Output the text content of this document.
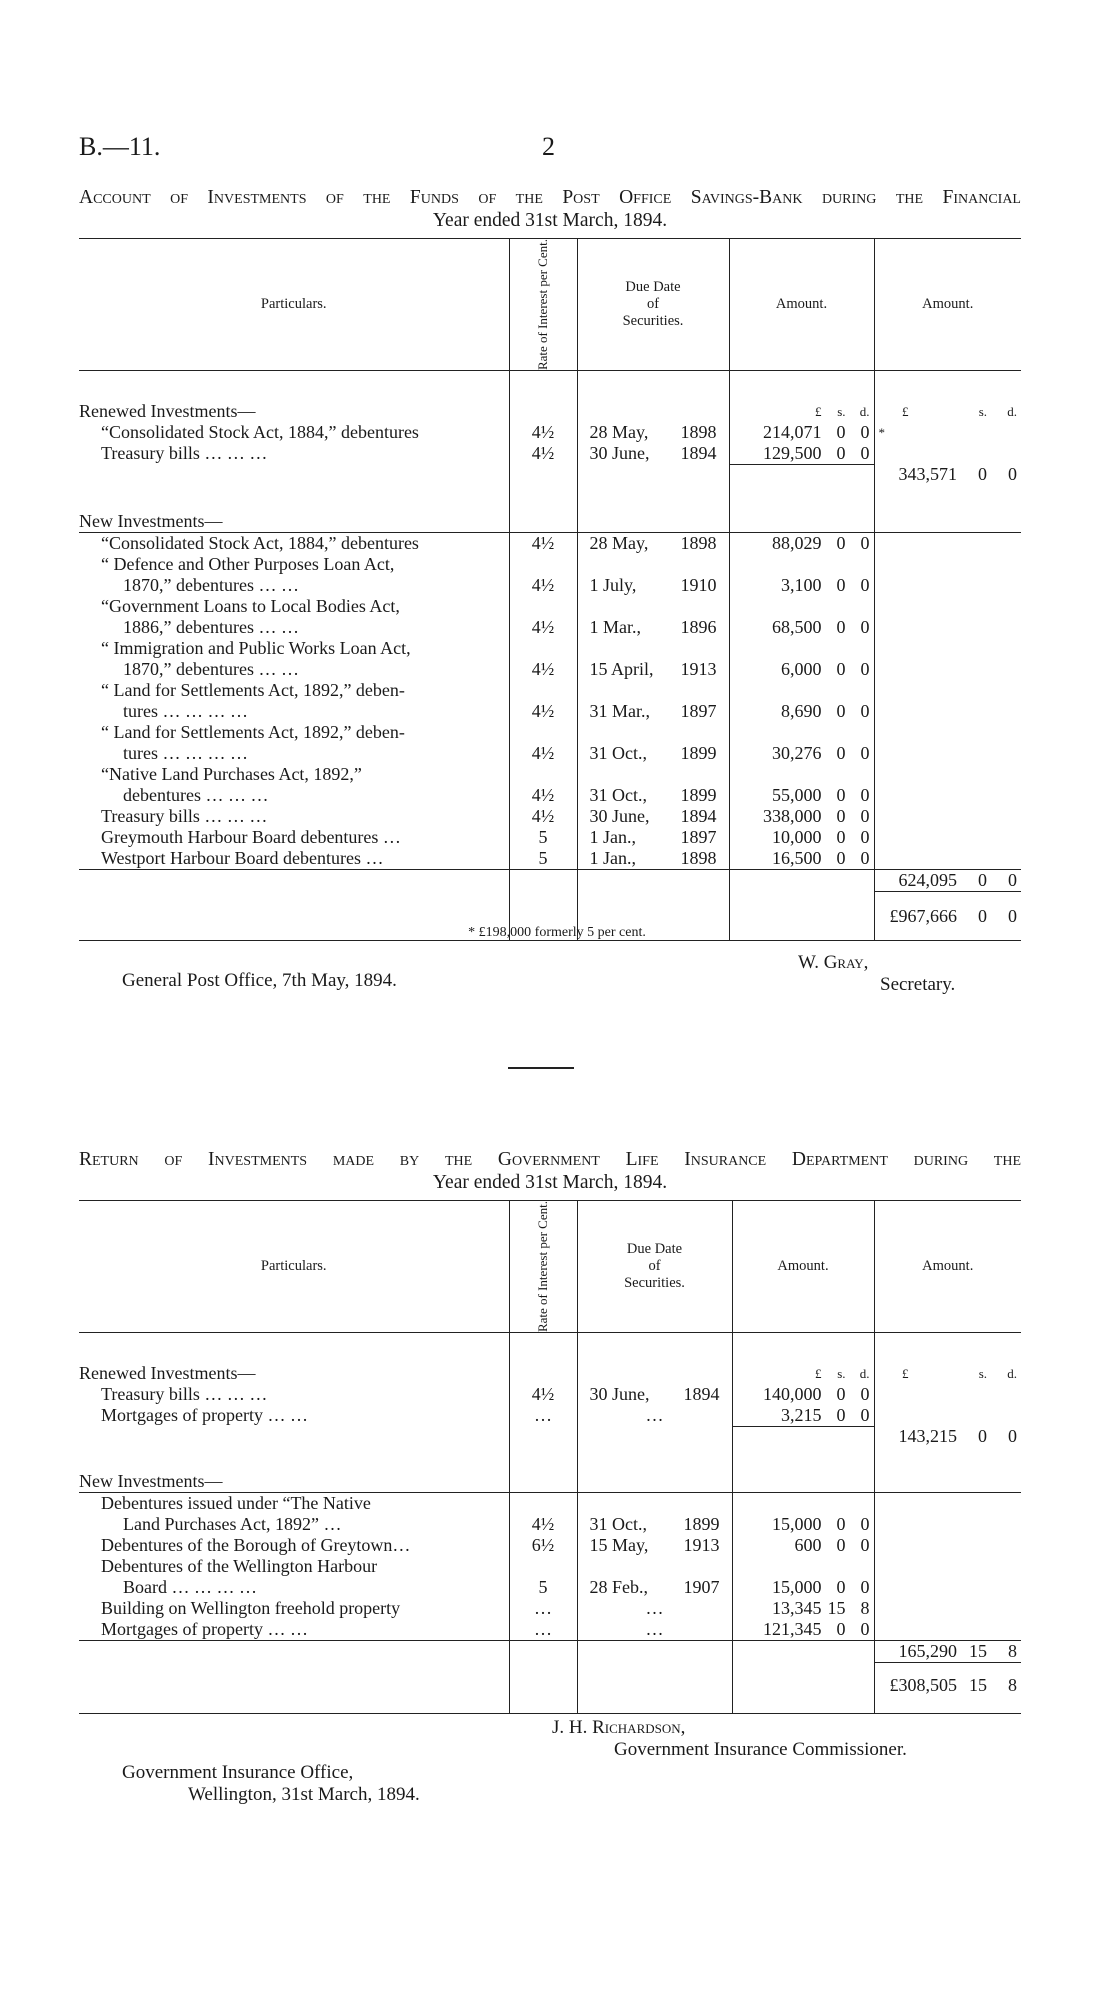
B.—11.	2
Account of Investments of the Funds of the Post Office Savings-Bank during the Financial
Year ended 31st March, 1894.
Particulars.	Rate of Interest per Cent.	Due Date
of
Securities.	Amount.	Amount.

Renewed Investments—			£ s. d.	£ s. d.

“Consolidated Stock Act, 1884,” debentures	4½	28 May, 1898	214,071 0 0	*
Treasury bills … … …	4½	30 June, 1894	129,500 0 0	

				343,571 0 0

New Investments—				
“Consolidated Stock Act, 1884,” debentures	4½	28 May, 1898	88,029 0 0	

“ Defence and Other Purposes Loan Act,				
1870,” debentures … …	4½	1 July, 1910	3,100 0 0	

“Government Loans to Local Bodies Act,				
1886,” debentures … …	4½	1 Mar., 1896	68,500 0 0	

“ Immigration and Public Works Loan Act,				
1870,” debentures … …	4½	15 April, 1913	6,000 0 0	

“ Land for Settlements Act, 1892,” deben-				
tures … … … …	4½	31 Mar., 1897	8,690 0 0	

“ Land for Settlements Act, 1892,” deben-				
tures … … … …	4½	31 Oct., 1899	30,276 0 0	

“Native Land Purchases Act, 1892,”				
debentures … … …	4½	31 Oct., 1899	55,000 0 0	

Treasury bills … … …	4½	30 June, 1894	338,000 0 0	

Greymouth Harbour Board debentures …	5	1 Jan., 1897	10,000 0 0	

Westport Harbour Board debentures …	5	1 Jan., 1898	16,500 0 0	

				624,095 0 0

				£967,666 0 0

* £198,000 formerly 5 per cent.
W. Gray,
Secretary.
General Post Office, 7th May, 1894.
Return of Investments made by the Government Life Insurance Department during the
Year ended 31st March, 1894.
Particulars.	Rate of Interest per Cent.	Due Date
of
Securities.	Amount.	Amount.

Renewed Investments—			£ s. d.	£ s. d.

Treasury bills … … …	4½	30 June, 1894	140,000 0 0	

Mortgages of property … …	…	…	3,215 0 0	

				143,215 0 0

New Investments—				
Debentures issued under “The Native				
Land Purchases Act, 1892” …	4½	31 Oct., 1899	15,000 0 0	

Debentures of the Borough of Greytown…	6½	15 May, 1913	600 0 0	

Debentures of the Wellington Harbour				
Board … … … …	5	28 Feb., 1907	15,000 0 0	

Building on Wellington freehold property	…	…	13,345 15 8	

Mortgages of property … …	…	…	121,345 0 0	

				165,290 15 8

				£308,505 15 8

J. H. Richardson,
Government Insurance Commissioner.
Government Insurance Office,
Wellington, 31st March, 1894.
